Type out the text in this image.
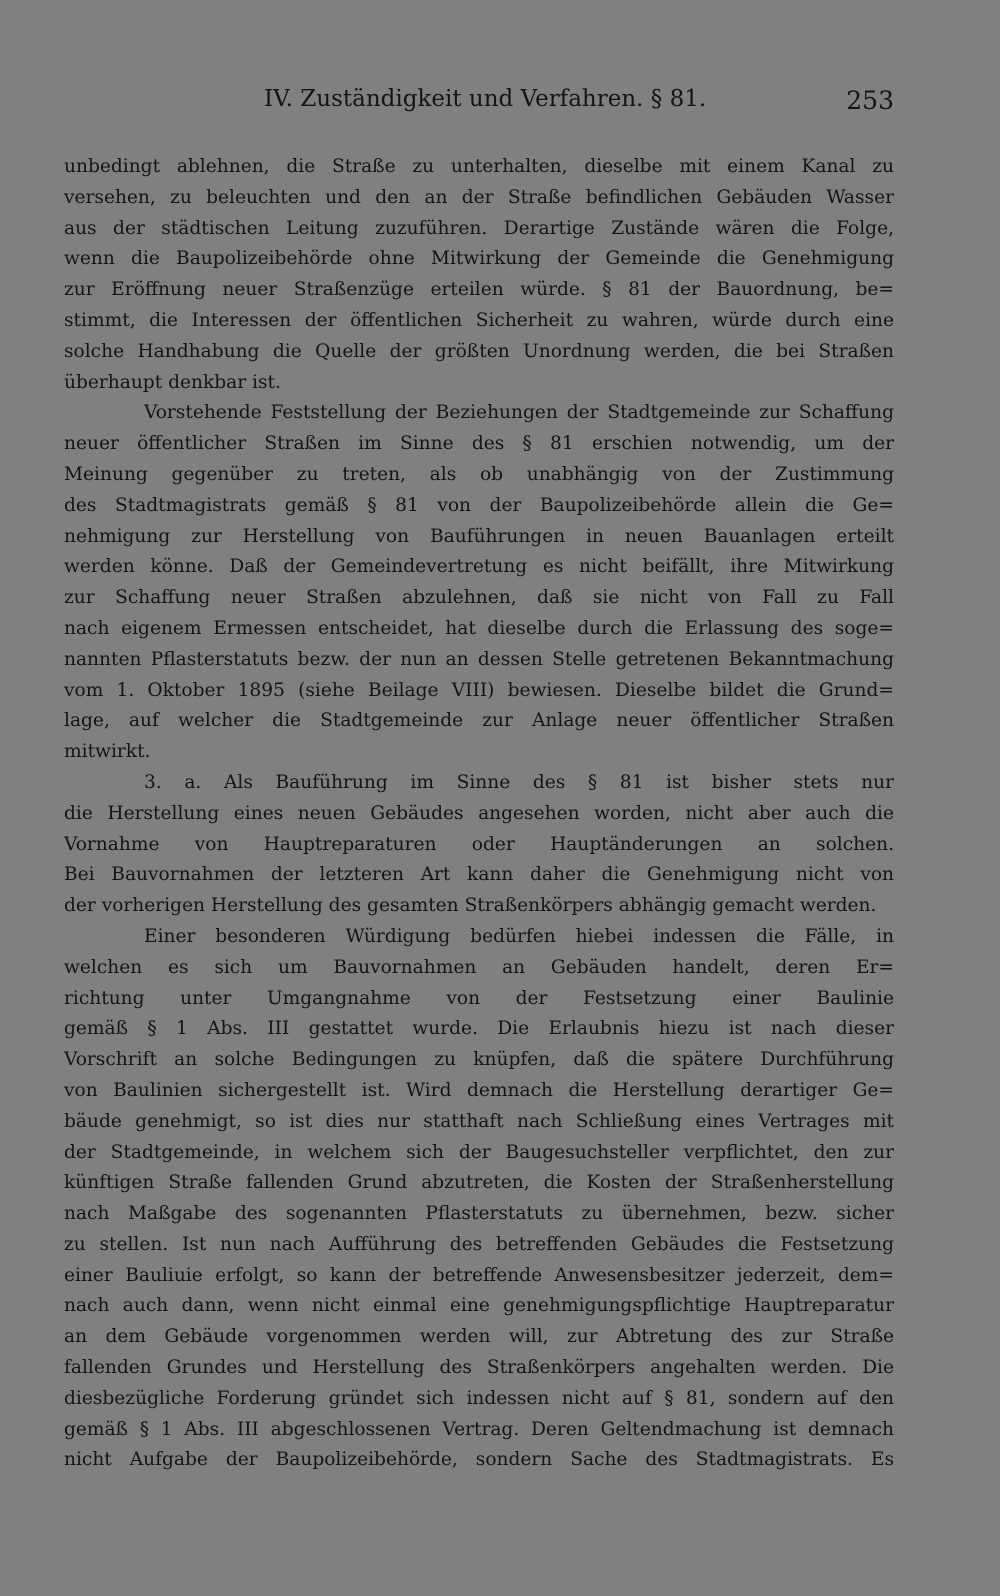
IV. Zuständigkeit und Verfahren. § 81.	253
unbedingt ablehnen, die Straße zu unterhalten, dieselbe mit einem Kanal zu
versehen, zu beleuchten und den an der Straße befindlichen Gebäuden Wasser
aus der städtischen Leitung zuzuführen. Derartige Zustände wären die Folge,
wenn die Baupolizeibehörde ohne Mitwirkung der Gemeinde die Genehmigung
zur Eröffnung neuer Straßenzüge erteilen würde. § 81 der Bauordnung, be=
stimmt, die Interessen der öffentlichen Sicherheit zu wahren, würde durch eine
solche Handhabung die Quelle der größten Unordnung werden, die bei Straßen
überhaupt denkbar ist.
Vorstehende Feststellung der Beziehungen der Stadtgemeinde zur Schaffung
neuer öffentlicher Straßen im Sinne des § 81 erschien notwendig, um der
Meinung gegenüber zu treten, als ob unabhängig von der Zustimmung
des Stadtmagistrats gemäß § 81 von der Baupolizeibehörde allein die Ge=
nehmigung zur Herstellung von Bauführungen in neuen Bauanlagen erteilt
werden könne. Daß der Gemeindevertretung es nicht beifällt, ihre Mitwirkung
zur Schaffung neuer Straßen abzulehnen, daß sie nicht von Fall zu Fall
nach eigenem Ermessen entscheidet, hat dieselbe durch die Erlassung des soge=
nannten Pflasterstatuts bezw. der nun an dessen Stelle getretenen Bekanntmachung
vom 1. Oktober 1895 (siehe Beilage VIII) bewiesen. Dieselbe bildet die Grund=
lage, auf welcher die Stadtgemeinde zur Anlage neuer öffentlicher Straßen
mitwirkt.
3. a. Als Bauführung im Sinne des § 81 ist bisher stets nur
die Herstellung eines neuen Gebäudes angesehen worden, nicht aber auch die
Vornahme von Hauptreparaturen oder Hauptänderungen an solchen.
Bei Bauvornahmen der letzteren Art kann daher die Genehmigung nicht von
der vorherigen Herstellung des gesamten Straßenkörpers abhängig gemacht werden.
Einer besonderen Würdigung bedürfen hiebei indessen die Fälle, in
welchen es sich um Bauvornahmen an Gebäuden handelt, deren Er=
richtung unter Umgangnahme von der Festsetzung einer Baulinie
gemäß § 1 Abs. III gestattet wurde. Die Erlaubnis hiezu ist nach dieser
Vorschrift an solche Bedingungen zu knüpfen, daß die spätere Durchführung
von Baulinien sichergestellt ist. Wird demnach die Herstellung derartiger Ge=
bäude genehmigt, so ist dies nur statthaft nach Schließung eines Vertrages mit
der Stadtgemeinde, in welchem sich der Baugesuchsteller verpflichtet, den zur
künftigen Straße fallenden Grund abzutreten, die Kosten der Straßenherstellung
nach Maßgabe des sogenannten Pflasterstatuts zu übernehmen, bezw. sicher
zu stellen. Ist nun nach Aufführung des betreffenden Gebäudes die Festsetzung
einer Bauliuie erfolgt, so kann der betreffende Anwesensbesitzer jederzeit, dem=
nach auch dann, wenn nicht einmal eine genehmigungspflichtige Hauptreparatur
an dem Gebäude vorgenommen werden will, zur Abtretung des zur Straße
fallenden Grundes und Herstellung des Straßenkörpers angehalten werden. Die
diesbezügliche Forderung gründet sich indessen nicht auf § 81, sondern auf den
gemäß § 1 Abs. III abgeschlossenen Vertrag. Deren Geltendmachung ist demnach
nicht Aufgabe der Baupolizeibehörde, sondern Sache des Stadtmagistrats. Es
